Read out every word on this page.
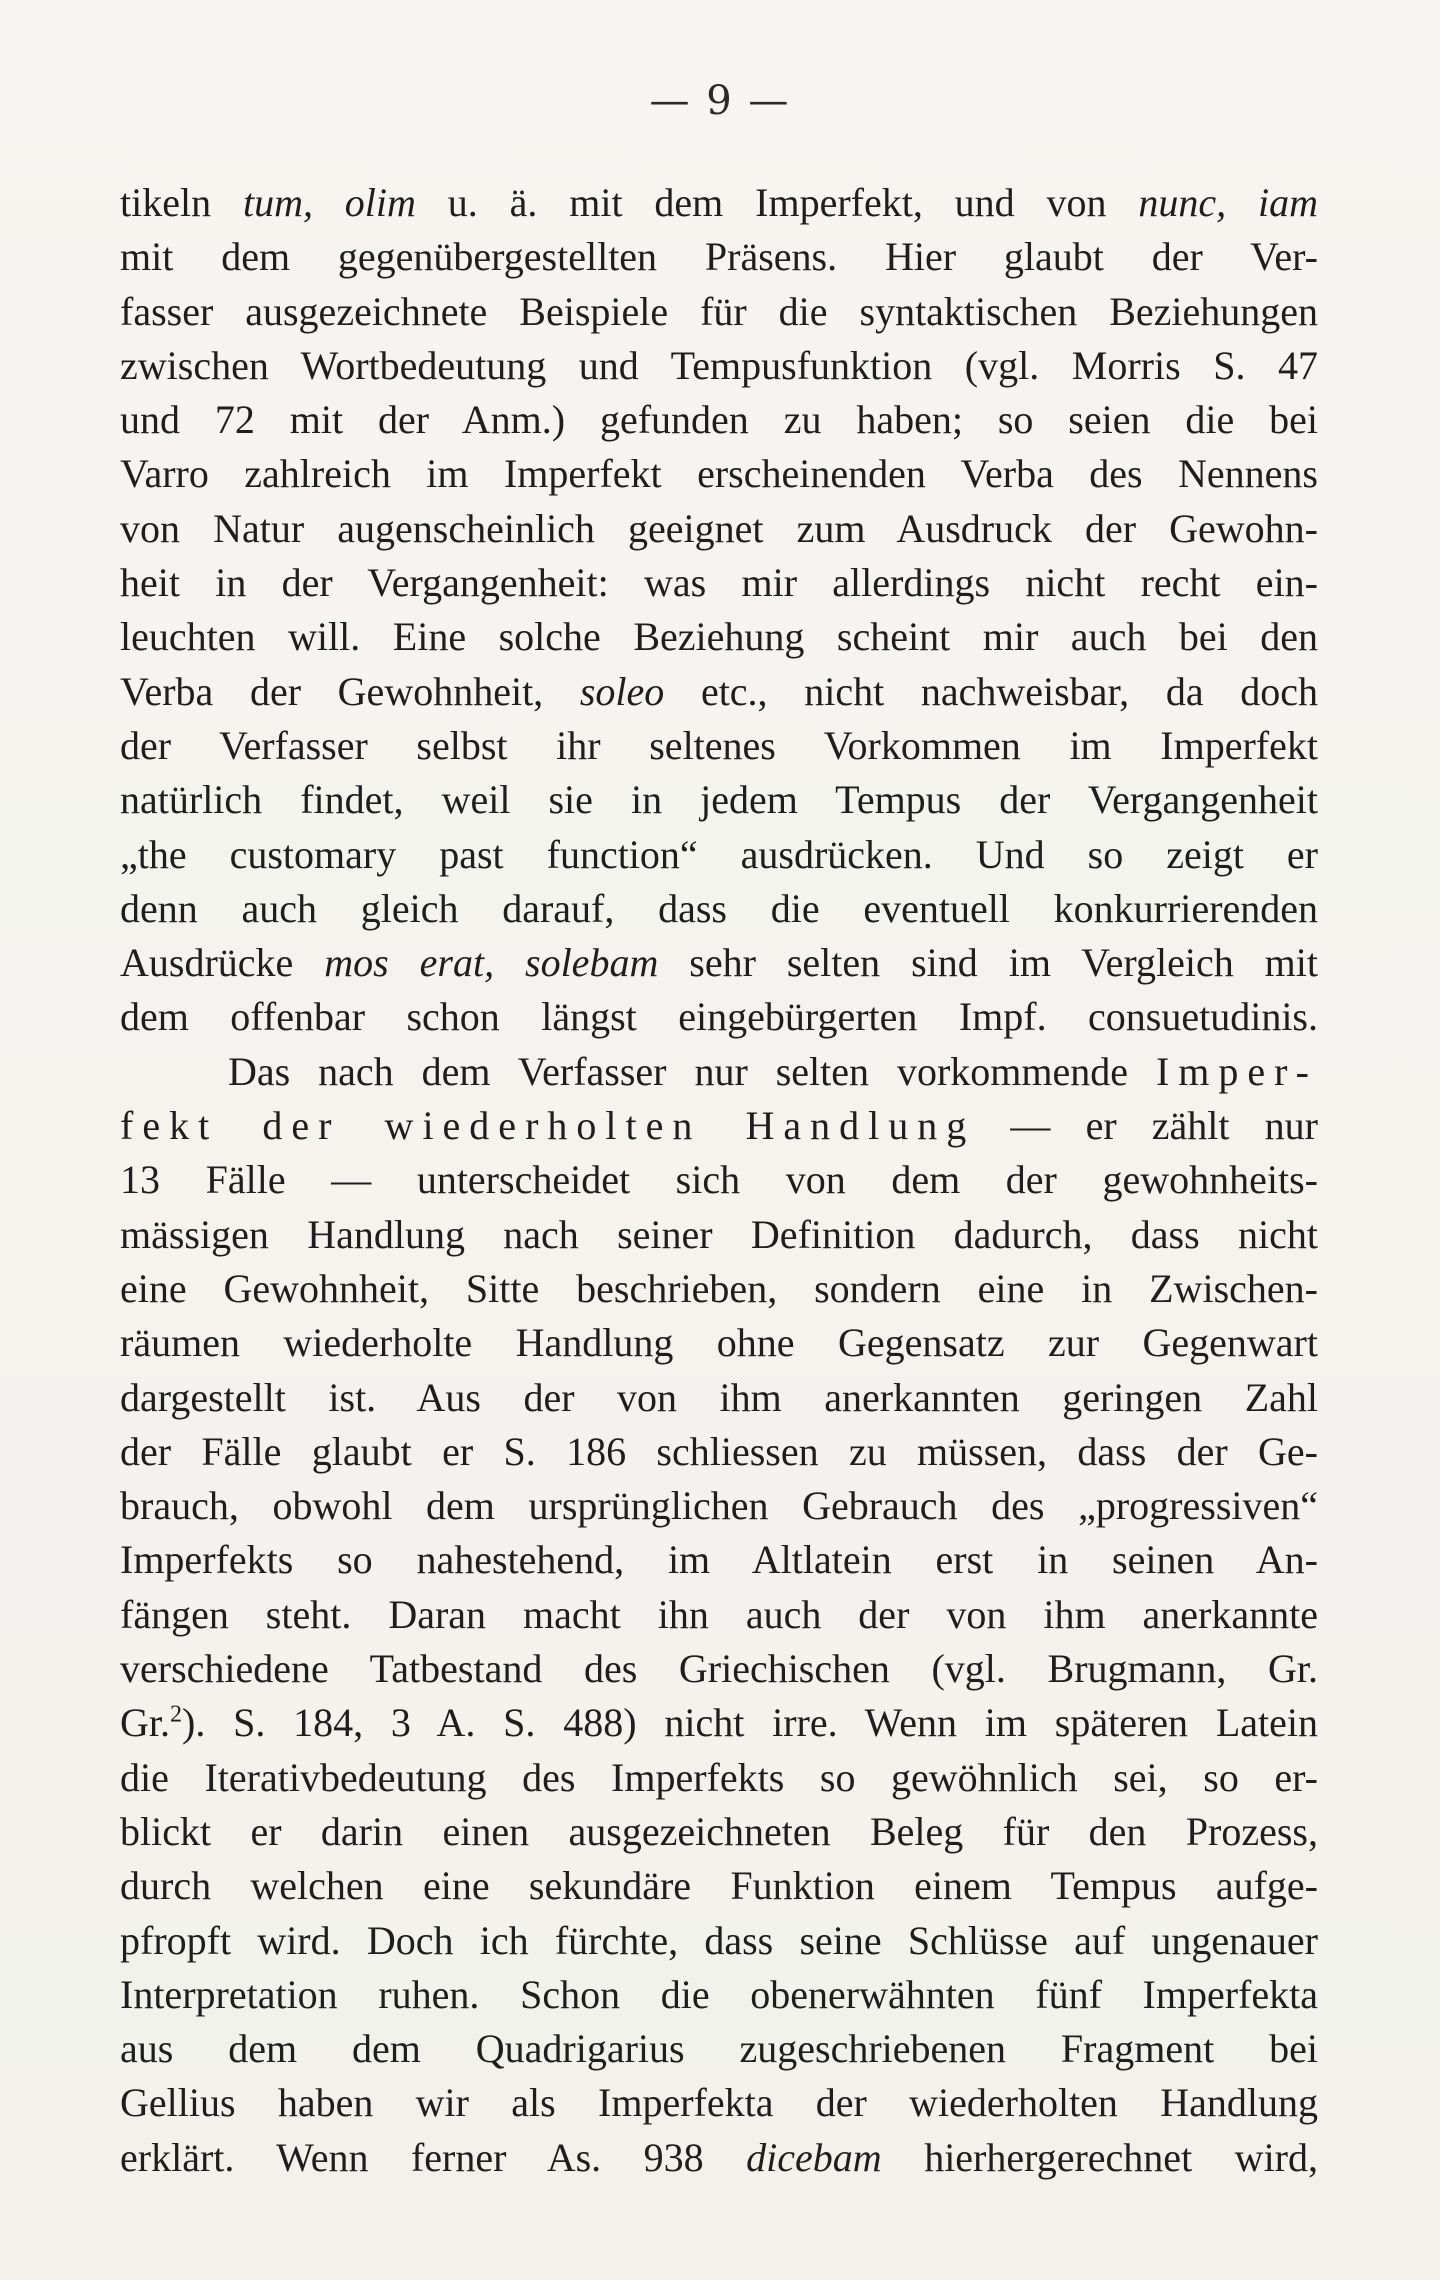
— 9 —
tikeln tum, olim u. ä. mit dem Imperfekt, und von nunc, iam
mit dem gegenübergestellten Präsens. Hier glaubt der Ver-
fasser ausgezeichnete Beispiele für die syntaktischen Beziehungen
zwischen Wortbedeutung und Tempusfunktion (vgl. Morris S. 47
und 72 mit der Anm.) gefunden zu haben; so seien die bei
Varro zahlreich im Imperfekt erscheinenden Verba des Nennens
von Natur augenscheinlich geeignet zum Ausdruck der Gewohn-
heit in der Vergangenheit: was mir allerdings nicht recht ein-
leuchten will. Eine solche Beziehung scheint mir auch bei den
Verba der Gewohnheit, soleo etc., nicht nachweisbar, da doch
der Verfasser selbst ihr seltenes Vorkommen im Imperfekt
natürlich findet, weil sie in jedem Tempus der Vergangenheit
„the customary past function“ ausdrücken. Und so zeigt er
denn auch gleich darauf, dass die eventuell konkurrierenden
Ausdrücke mos erat, solebam sehr selten sind im Vergleich mit
dem offenbar schon längst eingebürgerten Impf. consuetudinis.
Das nach dem Verfasser nur selten vorkommende Imper-
fekt der wiederholten Handlung — er zählt nur
13 Fälle — unterscheidet sich von dem der gewohnheits-
mässigen Handlung nach seiner Definition dadurch, dass nicht
eine Gewohnheit, Sitte beschrieben, sondern eine in Zwischen-
räumen wiederholte Handlung ohne Gegensatz zur Gegenwart
dargestellt ist. Aus der von ihm anerkannten geringen Zahl
der Fälle glaubt er S. 186 schliessen zu müssen, dass der Ge-
brauch, obwohl dem ursprünglichen Gebrauch des „progressiven“
Imperfekts so nahestehend, im Altlatein erst in seinen An-
fängen steht. Daran macht ihn auch der von ihm anerkannte
verschiedene Tatbestand des Griechischen (vgl. Brugmann, Gr.
Gr.$^2$). S. 184, 3 A. S. 488) nicht irre. Wenn im späteren Latein
die Iterativbedeutung des Imperfekts so gewöhnlich sei, so er-
blickt er darin einen ausgezeichneten Beleg für den Prozess,
durch welchen eine sekundäre Funktion einem Tempus aufge-
pfropft wird. Doch ich fürchte, dass seine Schlüsse auf ungenauer
Interpretation ruhen. Schon die obenerwähnten fünf Imperfekta
aus dem dem Quadrigarius zugeschriebenen Fragment bei
Gellius haben wir als Imperfekta der wiederholten Handlung
erklärt. Wenn ferner As. 938 dicebam hierhergerechnet wird,
